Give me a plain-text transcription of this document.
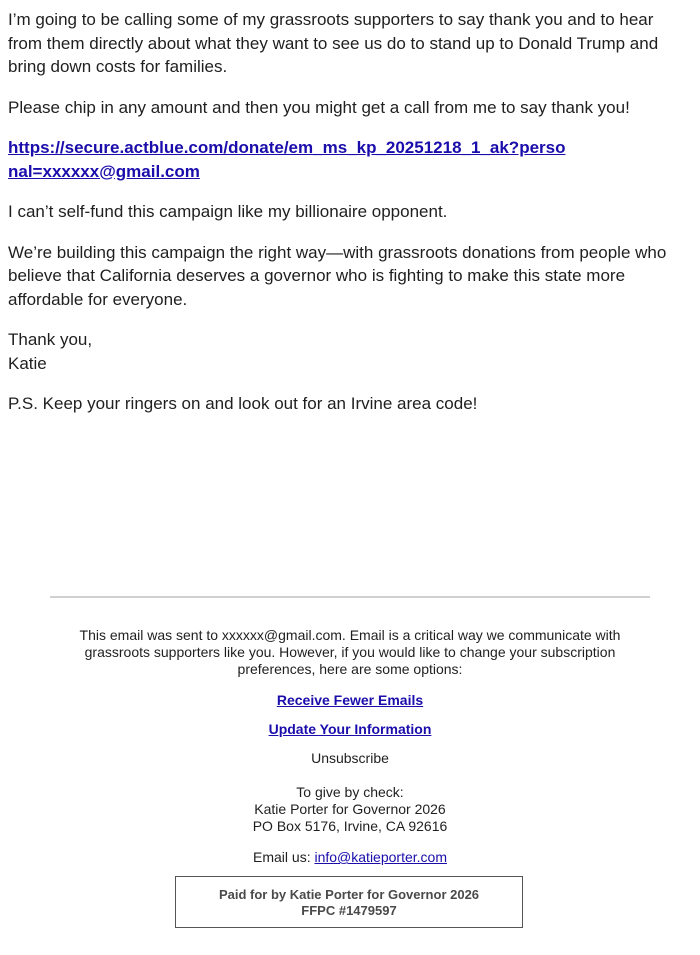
I’m going to be calling some of my grassroots supporters to say thank you and to hear from them directly about what they want to see us do to stand up to Donald Trump and bring down costs for families.

Please chip in any amount and then you might get a call from me to say thank you!

https://secure.actblue.com/donate/em_ms_kp_20251218_1_ak?personal=xxxxxx@gmail.com

I can’t self-fund this campaign like my billionaire opponent.

We’re building this campaign the right way—with grassroots donations from people who believe that California deserves a governor who is fighting to make this state more affordable for everyone.

Thank you,

Katie

P.S. Keep your ringers on and look out for an Irvine area code!

This email was sent to xxxxxx@gmail.com. Email is a critical way we communicate with grassroots supporters like you. However, if you would like to change your subscription preferences, here are some options:

Receive Fewer Emails

Update Your Information

Unsubscribe

To give by check:

Katie Porter for Governor 2026

PO Box 5176, Irvine, CA 92616

Email us: info@katieporter.com

Paid for by Katie Porter for Governor 2026

FFPC #1479597
